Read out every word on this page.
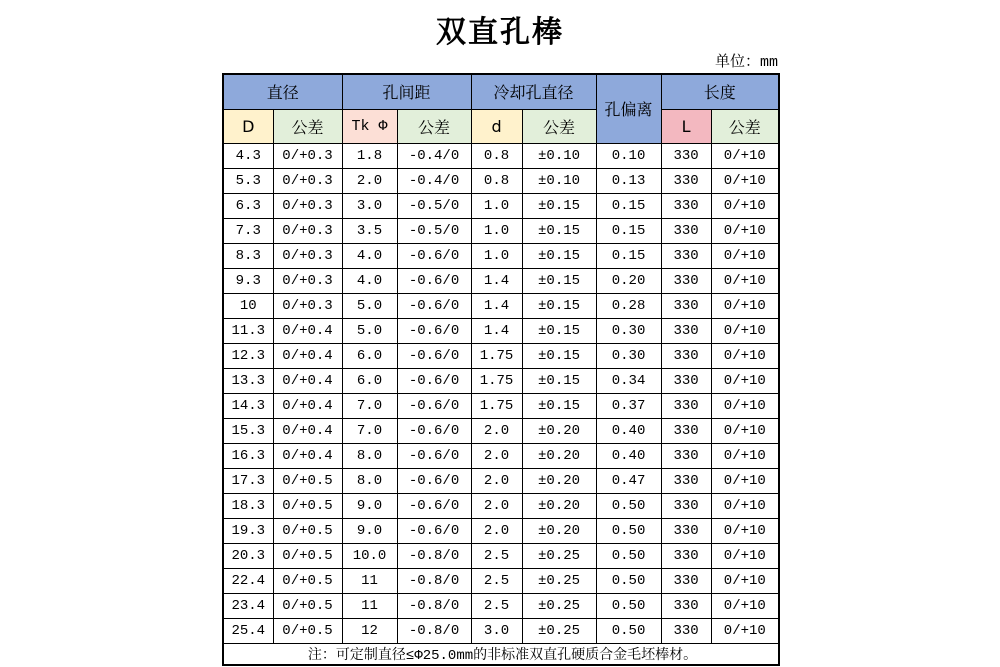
双直孔棒
单位：mm
直径		孔间距		冷却孔直径		孔偏离	长度	
D	公差	Tk Φ	公差	d	公差		L	公差
4.3	0/+0.3	1.8	-0.4/0	0.8	±0.10	0.10	330	0/+10
5.3	0/+0.3	2.0	-0.4/0	0.8	±0.10	0.13	330	0/+10
6.3	0/+0.3	3.0	-0.5/0	1.0	±0.15	0.15	330	0/+10
7.3	0/+0.3	3.5	-0.5/0	1.0	±0.15	0.15	330	0/+10
8.3	0/+0.3	4.0	-0.6/0	1.0	±0.15	0.15	330	0/+10
9.3	0/+0.3	4.0	-0.6/0	1.4	±0.15	0.20	330	0/+10
10	0/+0.3	5.0	-0.6/0	1.4	±0.15	0.28	330	0/+10
11.3	0/+0.4	5.0	-0.6/0	1.4	±0.15	0.30	330	0/+10
12.3	0/+0.4	6.0	-0.6/0	1.75	±0.15	0.30	330	0/+10
13.3	0/+0.4	6.0	-0.6/0	1.75	±0.15	0.34	330	0/+10
14.3	0/+0.4	7.0	-0.6/0	1.75	±0.15	0.37	330	0/+10
15.3	0/+0.4	7.0	-0.6/0	2.0	±0.20	0.40	330	0/+10
16.3	0/+0.4	8.0	-0.6/0	2.0	±0.20	0.40	330	0/+10
17.3	0/+0.5	8.0	-0.6/0	2.0	±0.20	0.47	330	0/+10
18.3	0/+0.5	9.0	-0.6/0	2.0	±0.20	0.50	330	0/+10
19.3	0/+0.5	9.0	-0.6/0	2.0	±0.20	0.50	330	0/+10
20.3	0/+0.5	10.0	-0.8/0	2.5	±0.25	0.50	330	0/+10
22.4	0/+0.5	11	-0.8/0	2.5	±0.25	0.50	330	0/+10
23.4	0/+0.5	11	-0.8/0	2.5	±0.25	0.50	330	0/+10
25.4	0/+0.5	12	-0.8/0	3.0	±0.25	0.50	330	0/+10
注：可定制直径≤Φ25.0mm的非标准双直孔硬质合金毛坯棒材。								
